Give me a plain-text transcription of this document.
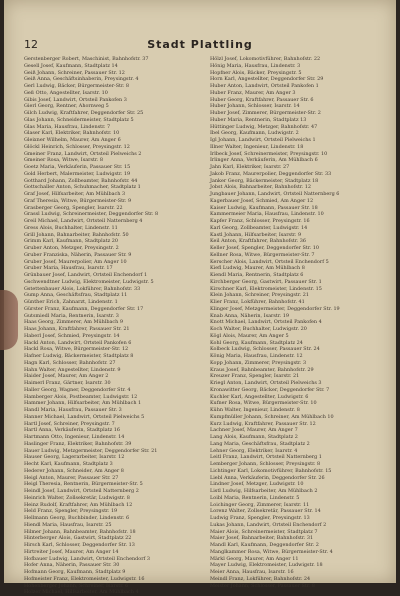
12	Stadt Plattling
Gerstenberger Robert, Maschinist, Bahnhofstr. 37
Gesell Josef, Kaufmann, Stadtplatz 14
Geiß Johann, Schreiner, Passauer Str. 12
Geiß Anna, Geschäftsinhaberin, Preysingstr. 4
Gerl Ludwig, Bäcker, Bürgermeister-Str. 8
Geß Otto, Angestellter, Isarstr. 10
Gibis Josef, Landwirt, Ortsteil Pankofen 3
Gierl Georg, Rentner, Ahornweg 5
Gilch Ludwig, Kraftfahrer, Deggendorfer Str. 25
Glas Johann, Schneidermeister, Stadtplatz 5
Glas Maria, Hausfrau, Lindenstr. 7
Glaser Karl, Elektriker, Bahnhofstr. 10
Gleixner Wilhelm, Maurer, Am Anger 6
Glöckl Heinrich, Schlosser, Preysingstr. 12
Gmeiner Franz, Landwirt, Ortsteil Pielweichs 2
Gmeiner Rosa, Witwe, Isarstr. 8
Goetz Maria, Verkäuferin, Passauer Str. 15
Gold Herbert, Malermeister, Ludwigstr. 19
Gotthard Johann, Zollbeamter, Bahnhofstr. 44
Gottschaller Anton, Schuhmacher, Stadtplatz 1
Graf Josef, Hilfsarbeiter, Am Mühlbach 3
Graf Theresia, Witwe, Bürgermeister-Str. 9
Grasberger Georg, Spengler, Isarstr. 22
Grassl Ludwig, Schreinermeister, Deggendorfer Str. 8
Greil Michael, Landwirt, Ortsteil Natternberg 4
Gress Alois, Buchhalter, Lindenstr. 11
Grill Johann, Bahnarbeiter, Bahnhofstr. 50
Grimm Karl, Kaufmann, Stadtplatz 20
Gruber Anton, Metzger, Preysingstr. 2
Gruber Franziska, Näherin, Passauer Str. 9
Gruber Josef, Maurerpolier, Am Anger 10
Gruber Maria, Hausfrau, Isarstr. 17
Grünbauer Josef, Landwirt, Ortsteil Enchendorf 1
Gschwendtner Ludwig, Elektromeister, Ludwigstr. 5
Gstettenbauer Alois, Lokführer, Bahnhofstr. 33
Gump Anna, Geschäftsfrau, Stadtplatz 11
Günther Erich, Zahnarzt, Lindenstr. 1
Gürster Franz, Kaufmann, Deggendorfer Str. 17
Gutsmiedl Maria, Rentnerin, Isarstr. 3
Haas Georg, Zimmerer, Am Mühlbach 9
Haas Johann, Kraftfahrer, Passauer Str. 21
Haberl Josef, Schmied, Preysingstr. 14
Hackl Anton, Landwirt, Ortsteil Pankofen 6
Hackl Rosa, Witwe, Bürgermeister-Str. 12
Hafner Ludwig, Bäckermeister, Stadtplatz 8
Hagn Karl, Schlosser, Bahnhofstr. 27
Hahn Walter, Angestellter, Lindenstr. 9
Haider Josef, Maurer, Am Anger 2
Haimerl Franz, Gärtner, Isarstr. 30
Haller Georg, Wagner, Deggendorfer Str. 4
Hamberger Alois, Postbeamter, Ludwigstr. 12
Hammer Johann, Hilfsarbeiter, Am Mühlbach 1
Handl Maria, Hausfrau, Passauer Str. 3
Hanner Michael, Landwirt, Ortsteil Pielweichs 5
Hartl Josef, Schreiner, Preysingstr. 7
Hartl Anna, Verkäuferin, Stadtplatz 16
Hartmann Otto, Ingenieur, Lindenstr. 14
Haslinger Franz, Elektriker, Bahnhofstr. 39
Hauer Ludwig, Metzgermeister, Deggendorfer Str. 21
Hauser Georg, Lagerarbeiter, Isarstr. 12
Hecht Karl, Kaufmann, Stadtplatz 3
Hederer Johann, Schneider, Am Anger 8
Heigl Anton, Maurer, Passauer Str. 27
Heigl Theresia, Rentnerin, Bürgermeister-Str. 5
Heindl Josef, Landwirt, Ortsteil Natternberg 2
Heinrich Walter, Zollsekretär, Ludwigstr. 8
Heinz Rudolf, Kraftfahrer, Am Mühlbach 12
Held Franz, Spengler, Preysingstr. 19
Hellmann Georg, Buchbinder, Lindenstr. 6
Hiendl Maria, Hausfrau, Isarstr. 25
Hilmer Johann, Bahnbeamter, Bahnhofstr. 18
Hinterberger Alois, Gastwirt, Stadtplatz 22
Hirsch Karl, Schlosser, Deggendorfer Str. 13
Hirtreiter Josef, Maurer, Am Anger 14
Hofbauer Ludwig, Landwirt, Ortsteil Enchendorf 3
Hofer Anna, Näherin, Passauer Str. 30
Hofmann Georg, Kaufmann, Stadtplatz 9
Hofmeister Franz, Elektromeister, Ludwigstr. 16
Hohenberger Johann, Schreiner, Isarstr. 6
Holzer Michael, Hilfsarbeiter, Am Mühlbach 4
Hölzl Josef, Lokomotivführer, Bahnhofstr. 22
Hönig Maria, Hausfrau, Lindenstr. 3
Hopfner Alois, Bäcker, Preysingstr. 5
Horn Karl, Angestellter, Deggendorfer Str. 29
Huber Anton, Landwirt, Ortsteil Pankofen 1
Huber Franz, Maurer, Am Anger 3
Huber Georg, Kraftfahrer, Passauer Str. 6
Huber Johann, Schlosser, Isarstr. 14
Huber Josef, Zimmerer, Bürgermeister-Str. 2
Huber Maria, Rentnerin, Stadtplatz 13
Hüttinger Ludwig, Metzger, Bahnhofstr. 47
Ibel Georg, Kaufmann, Ludwigstr. 2
Igl Johann, Landwirt, Ortsteil Pielweichs 1
Illner Walter, Ingenieur, Lindenstr. 18
Irlbeck Josef, Schreinermeister, Preysingstr. 10
Irlinger Anna, Verkäuferin, Am Mühlbach 6
Jahn Karl, Elektriker, Isarstr. 27
Jakob Franz, Maurerpolier, Deggendorfer Str. 33
Janker Georg, Bäckermeister, Stadtplatz 18
Jobst Alois, Bahnarbeiter, Bahnhofstr. 12
Jungbauer Johann, Landwirt, Ortsteil Natternberg 6
Kagerbauer Josef, Schmied, Am Anger 12
Kaiser Ludwig, Kaufmann, Passauer Str. 18
Kammermeier Maria, Hausfrau, Lindenstr. 10
Kapfer Franz, Schlosser, Preysingstr. 16
Karl Georg, Zollbeamter, Ludwigstr. 14
Kastl Johann, Hilfsarbeiter, Isarstr. 9
Keil Anton, Kraftfahrer, Bahnhofstr. 36
Keller Josef, Spengler, Deggendorfer Str. 10
Kellner Rosa, Witwe, Bürgermeister-Str. 7
Kerscher Alois, Landwirt, Ortsteil Enchendorf 5
Kiefl Ludwig, Maurer, Am Mühlbach 8
Kiendl Maria, Rentnerin, Stadtplatz 6
Kirchberger Georg, Gastwirt, Passauer Str. 1
Kirschner Karl, Elektromeister, Lindenstr. 15
Klein Johann, Schreiner, Preysingstr. 21
Klier Franz, Lokführer, Bahnhofstr. 41
Klinger Josef, Metzgermeister, Deggendorfer Str. 19
Knab Anna, Näherin, Isarstr. 19
Knott Michael, Landwirt, Ortsteil Pankofen 4
Koch Walter, Buchhalter, Ludwigstr. 20
Kögl Alois, Maurer, Am Anger 5
Kohl Georg, Kaufmann, Stadtplatz 24
Kolbeck Ludwig, Schlosser, Passauer Str. 24
König Maria, Hausfrau, Lindenstr. 12
Kopp Johann, Zimmerer, Preysingstr. 3
Kraus Josef, Bahnbeamter, Bahnhofstr. 29
Kreuzer Franz, Spengler, Isarstr. 21
Kriegl Anton, Landwirt, Ortsteil Pielweichs 3
Kronawitter Georg, Bäcker, Deggendorfer Str. 7
Kuchler Karl, Angestellter, Ludwigstr. 6
Kufner Rosa, Witwe, Bürgermeister-Str. 10
Kühn Walter, Ingenieur, Lindenstr. 8
Kumpfmüller Johann, Schreiner, Am Mühlbach 10
Kurz Ludwig, Kraftfahrer, Passauer Str. 12
Lachner Josef, Maurer, Am Anger 7
Lang Alois, Kaufmann, Stadtplatz 2
Lang Maria, Geschäftsfrau, Stadtplatz 2
Lehner Georg, Elektriker, Isarstr. 4
Leitl Franz, Landwirt, Ortsteil Natternberg 1
Lemberger Johann, Schlosser, Preysingstr. 8
Lichtinger Karl, Lokomotivführer, Bahnhofstr. 15
Liebl Anna, Verkäuferin, Deggendorfer Str. 26
Lindner Josef, Metzger, Ludwigstr. 10
Listl Ludwig, Hilfsarbeiter, Am Mühlbach 2
Loibl Maria, Rentnerin, Lindenstr. 5
Loichinger Georg, Zimmerer, Isarstr. 11
Lorenz Walter, Zollsekretär, Passauer Str. 14
Ludwig Franz, Spengler, Preysingstr. 13
Lukas Johann, Landwirt, Ortsteil Enchendorf 2
Maier Alois, Schreinermeister, Stadtplatz 7
Maier Josef, Bahnarbeiter, Bahnhofstr. 31
Mandl Karl, Kaufmann, Deggendorfer Str. 2
Manglkammer Rosa, Witwe, Bürgermeister-Str. 4
Märkl Georg, Maurer, Am Anger 11
Mayer Ludwig, Elektromeister, Ludwigstr. 18
Meier Anna, Hausfrau, Isarstr. 16
Meindl Franz, Lokführer, Bahnhofstr. 24
Meister Johann, Schlosser, Passauer Str. 8
